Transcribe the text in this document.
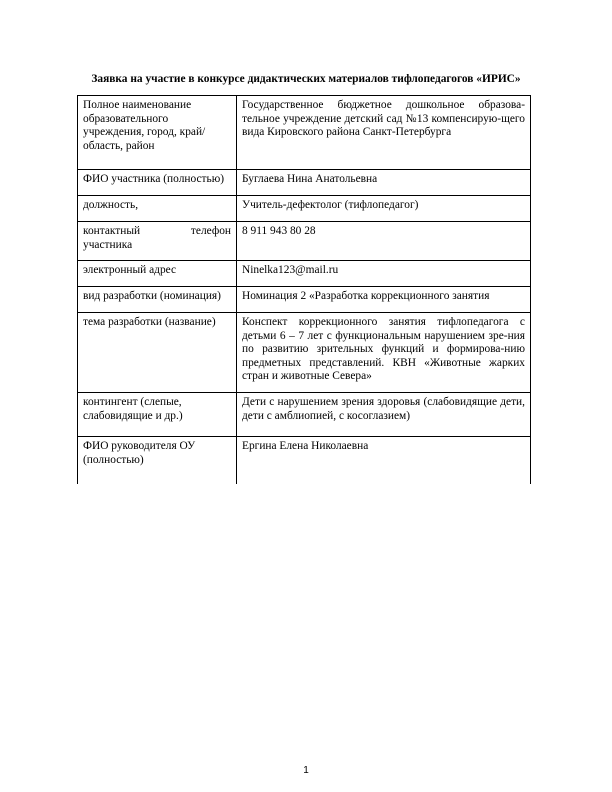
Заявка на участие в конкурсе дидактических материалов тифлопедагогов «ИРИС»
Полное наименование образовательного учреждения, город, край/область, район	Государственное бюджетное дошкольное образова-тельное учреждение детский сад №13 компенсирую-щего вида Кировского района Санкт-Петербурга
ФИО участника (полностью)	Буглаева Нина Анатольевна
должность,	Учитель-дефектолог (тифлопедагог)
контактный телефон участника	8 911 943 80 28
электронный адрес	Ninelka123@mail.ru
вид разработки (номинация)	Номинация 2 «Разработка коррекционного занятия
тема разработки (название)	Конспект коррекционного занятия тифлопедагога с детьми 6 – 7 лет с функциональным нарушением зре-ния по развитию зрительных функций и формирова-нию предметных представлений. КВН «Животные жарких стран и животные Севера»
контингент (слепые, слабовидящие и др.)	Дети с нарушением зрения здоровья (слабовидящие дети, дети с амблиопией, с косоглазием)
ФИО руководителя ОУ (полностью)	Ергина Елена Николаевна
1
